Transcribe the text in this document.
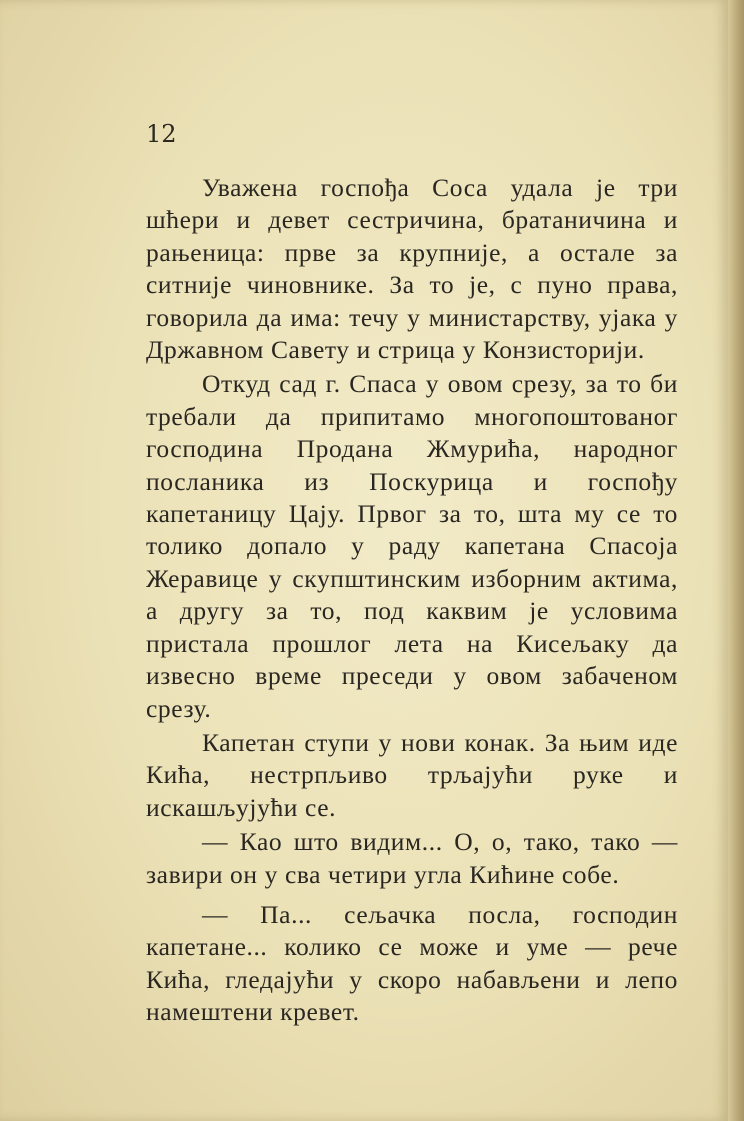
12

Уважена госпођа Соса удала је три шћери и девет сестричина, братаничина и рањеница: прве за крупније, а остале за ситније чиновнике. За то је, с пуно права, говорила да има: течу у министарству, ујака у Државном Савету и стрица у Конзисторији.

Откуд сад г. Спаса у овом срезу, за то би требали да припитамо многопоштованог господина Продана Жмурића, народног посланика из Поскурица и госпођу капетаницу Цају. Првог за то, шта му се то толико допало у раду капетана Спасоја Жеравице у скупштинским изборним актима, а другу за то, под каквим је условима пристала прошлог лета на Кисељаку да извесно време преседи у овом забаченом срезу.

Капетан ступи у нови конак. За њим иде Кића, нестрпљиво трљајући руке и искашљујући се.

— Као што видим... О, о, тако, тако — завири он у сва четири угла Кићине собе.

— Па... сељачка посла, господин капетане... колико се може и уме — рече Кића, гледајући у скоро набављени и лепо намештени кревет.
